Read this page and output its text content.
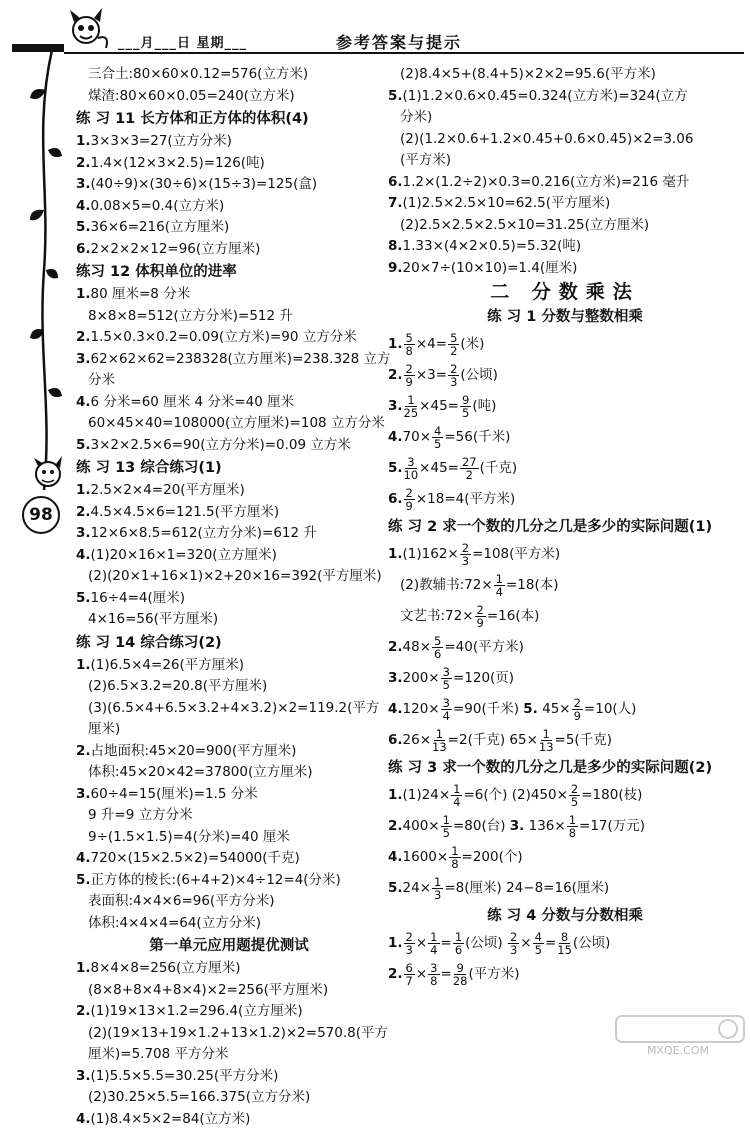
___月___日 星期___	参考答案与提示
98
三合土:80×60×0.12=576(立方米)
煤渣:80×60×0.05=240(立方米)
练 习 11 长方体和正方体的体积(4)
1.3×3×3=27(立方分米)
2.1.4×(12×3×2.5)=126(吨)
3.(40÷9)×(30÷6)×(15÷3)=125(盒)
4.0.08×5=0.4(立方米)
5.36×6=216(立方厘米)
6.2×2×2×12=96(立方厘米)
练习 12 体积单位的进率
1.80 厘米=8 分米
8×8×8=512(立方分米)=512 升
2.1.5×0.3×0.2=0.09(立方米)=90 立方分米
3.62×62×62=238328(立方厘米)=238.328 立方
分米
4.6 分米=60 厘米 4 分米=40 厘米
60×45×40=108000(立方厘米)=108 立方分米
5.3×2×2.5×6=90(立方分米)=0.09 立方米
练 习 13 综合练习(1)
1.2.5×2×4=20(平方厘米)
2.4.5×4.5×6=121.5(平方厘米)
3.12×6×8.5=612(立方分米)=612 升
4.(1)20×16×1=320(立方厘米)
(2)(20×1+16×1)×2+20×16=392(平方厘米)
5.16÷4=4(厘米)
4×16=56(平方厘米)
练 习 14 综合练习(2)
1.(1)6.5×4=26(平方厘米)
(2)6.5×3.2=20.8(平方厘米)
(3)(6.5×4+6.5×3.2+4×3.2)×2=119.2(平方
厘米)
2.占地面积:45×20=900(平方厘米)
体积:45×20×42=37800(立方厘米)
3.60÷4=15(厘米)=1.5 分米
9 升=9 立方分米
9÷(1.5×1.5)=4(分米)=40 厘米
4.720×(15×2.5×2)=54000(千克)
5.正方体的棱长:(6+4+2)×4÷12=4(分米)
表面积:4×4×6=96(平方分米)
体积:4×4×4=64(立方分米)
第一单元应用题提优测试
1.8×4×8=256(立方厘米)
(8×8+8×4+8×4)×2=256(平方厘米)
2.(1)19×13×1.2=296.4(立方厘米)
(2)(19×13+19×1.2+13×1.2)×2=570.8(平方
厘米)=5.708 平方分米
3.(1)5.5×5.5=30.25(平方分米)
(2)30.25×5.5=166.375(立方分米)
4.(1)8.4×5×2=84(立方米)
(2)8.4×5+(8.4+5)×2×2=95.6(平方米)
5.(1)1.2×0.6×0.45=0.324(立方米)=324(立方
分米)
(2)(1.2×0.6+1.2×0.45+0.6×0.45)×2=3.06
(平方米)
6.1.2×(1.2÷2)×0.3=0.216(立方米)=216 毫升
7.(1)2.5×2.5×10=62.5(平方厘米)
(2)2.5×2.5×2.5×10=31.25(立方厘米)
8.1.33×(4×2×0.5)=5.32(吨)
9.20×7÷(10×10)=1.4(厘米)
二 分数乘法
练 习 1 分数与整数相乘
1. $\frac{5}{8} \times 4= \frac{5}{2}$ (米)
2. $\frac{2}{9} \times 3= \frac{2}{3}$ (公顷)
3. $\frac{1}{25} \times 45= \frac{9}{5}$ (吨)
$4.70\times \frac{4}{5} =56$(千米)
5. $\frac{3}{10} \times 45= \frac{27}{2}$ (千克)
6. $\frac{2}{9} \times 18=4$(平方米)
练 习 2 求一个数的几分之几是多少的实际问题(1)
$1.(1)162\times \frac{2}{3} =108$(平方米)
(2)教辅书:72× $\frac{1}{4} =18$(本)
文艺书:72× $\frac{2}{9} =16$(本)
$2.48\times \frac{5}{6} =40$(平方米)
$3.200\times \frac{3}{5} =120$(页)
$4.120\times \frac{3}{4} =90$(千米) 5. $45\times \frac{2}{9} =10$(人)
$6.26\times \frac{1}{13} =2$(千克) $65\times \frac{1}{13} =5$(千克)
练 习 3 求一个数的几分之几是多少的实际问题(2)
$1.(1)24\times \frac{1}{4} =6$(个) $(2)450\times \frac{2}{5} =180$(枝)
$2.400\times \frac{1}{5} =80$(台) 3. $136\times \frac{1}{8} =17$(万元)
$4.1600\times \frac{1}{8} =200$(个)
$5.24\times \frac{1}{3} =8$(厘米) 24−8=16(厘米)
练 习 4 分数与分数相乘
1. $\frac{2}{3} \times \frac{1}{4} = \frac{1}{6}$ (公顷) $\frac{2}{3} \times \frac{4}{5} = \frac{8}{15}$ (公顷)
2. $\frac{6}{7} \times \frac{3}{8} = \frac{9}{28}$ (平方米)
MXQE.COM
